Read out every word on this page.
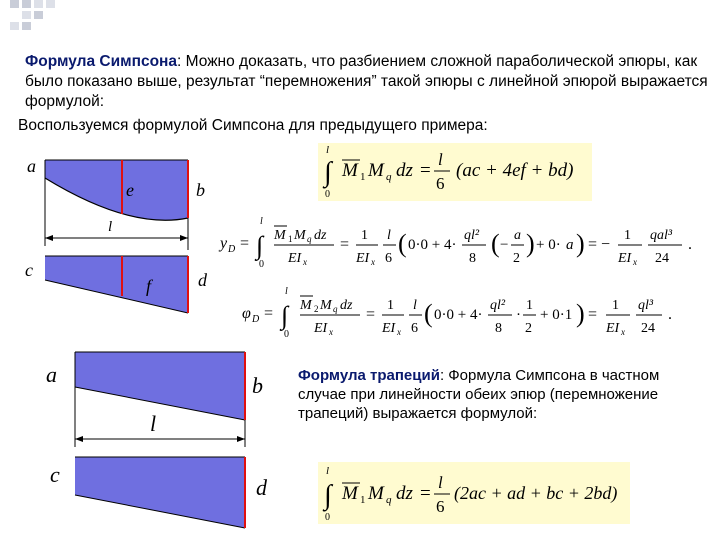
Формула Симпсона: Можно доказать, что разбиением сложной параболической эпюры, как было показано выше, результат “перемножения” такой эпюры с линейной эпюрой выражается формулой:
Воспользуемся формулой Симпсона для предыдущего примера:
a
e	b
l
c
f	d
a	b
l
c
d
l
∫
0
M 1 M q dz =
l
6
(ac + 4ef + bd)
y D =
l
∫
0
M 1 M q dz
EI x
=
1
EI x
l
6
( 0·0 + 4·
ql²
8
( −
a
2
) + 0· a ) = −
1
EI x
qal³
24
.
φ D =
l
∫
0
M 2 M q dz
EI x
=
1
EI x
l
6
( 0·0 + 4·
ql²
8
·
1
2
+ 0·1 ) =
1
EI x
ql³
24
.
Формула трапеций: Формула Симпсона в частном случае при линейности обеих эпюр (перемножение трапеций) выражается формулой:
l
∫
0
M 1 M q dz =
l
6
(2ac + ad + bc + 2bd)
